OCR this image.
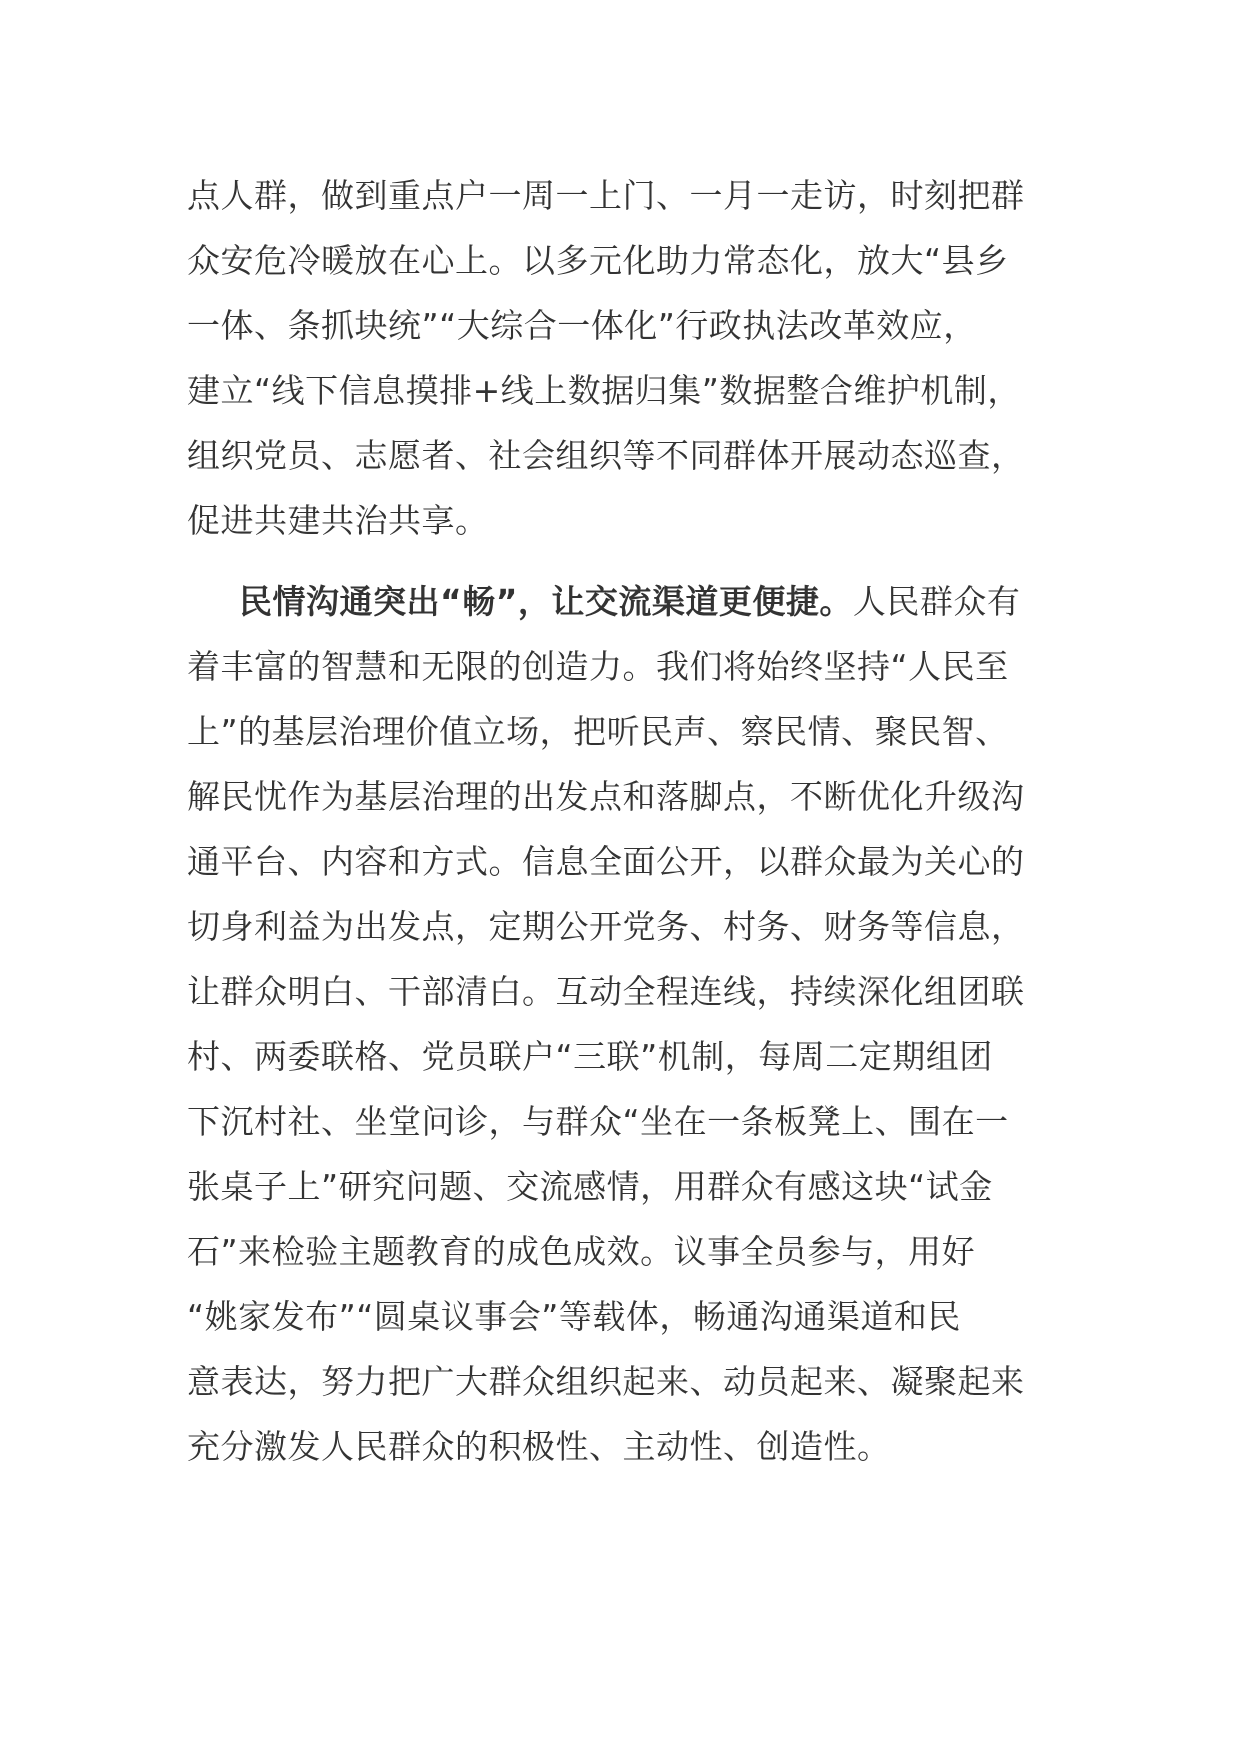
点人群，做到重点户一周一上门、一月一走访，时刻把群
众安危冷暖放在心上。以多元化助力常态化，放大“县乡
一体、条抓块统”“大综合一体化”行政执法改革效应，
建立“线下信息摸排+线上数据归集”数据整合维护机制，
组织党员、志愿者、社会组织等不同群体开展动态巡查，
促进共建共治共享。
民情沟通突出“畅”，让交流渠道更便捷。人民群众有
着丰富的智慧和无限的创造力。我们将始终坚持“人民至
上”的基层治理价值立场，把听民声、察民情、聚民智、
解民忧作为基层治理的出发点和落脚点，不断优化升级沟
通平台、内容和方式。信息全面公开，以群众最为关心的
切身利益为出发点，定期公开党务、村务、财务等信息，
让群众明白、干部清白。互动全程连线，持续深化组团联
村、两委联格、党员联户“三联”机制，每周二定期组团
下沉村社、坐堂问诊，与群众“坐在一条板凳上、围在一
张桌子上”研究问题、交流感情，用群众有感这块“试金
石”来检验主题教育的成色成效。议事全员参与，用好
“姚家发布”“圆桌议事会”等载体，畅通沟通渠道和民
意表达，努力把广大群众组织起来、动员起来、凝聚起来
充分激发人民群众的积极性、主动性、创造性。
